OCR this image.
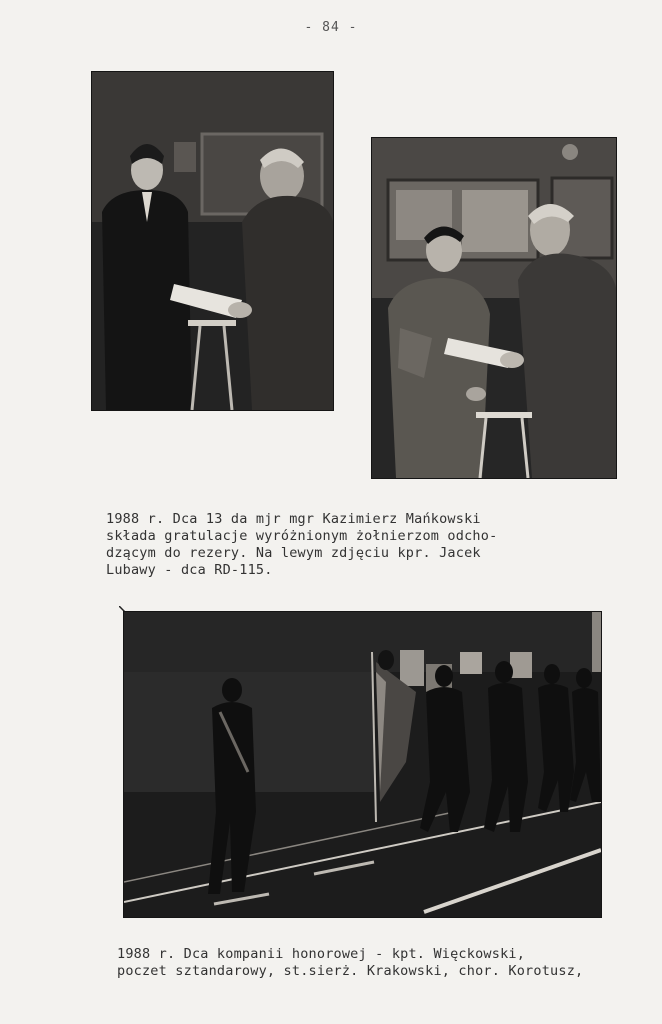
- 84 -
1988 r. Dca 13 da mjr mgr Kazimierz Mańkowski
składa gratulacje wyróżnionym żołnierzom odcho-
dzącym do rezery. Na lewym zdjęciu kpr. Jacek
Lubawy - dca RD-115.
1988 r. Dca kompanii honorowej - kpt. Więckowski,
poczet sztandarowy, st.sierż. Krakowski, chor. Korotusz,
